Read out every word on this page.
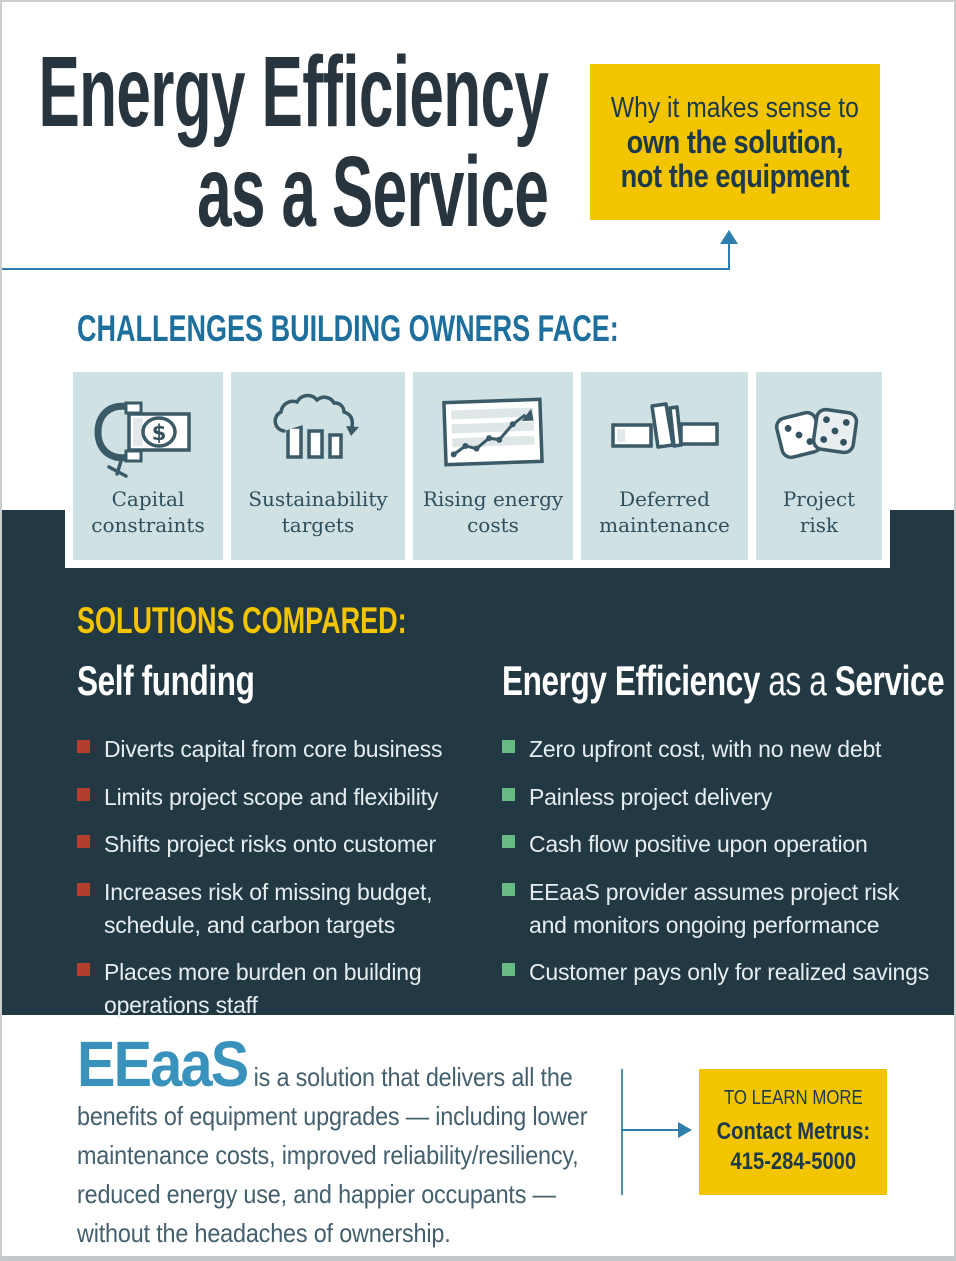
Energy Efficiency
as a Service
Why it makes sense to
own the solution,
not the equipment
CHALLENGES BUILDING OWNERS FACE:
$
Capital constraints
Sustainability targets
Rising energy costs
Deferred maintenance
Project risk
SOLUTIONS COMPARED:
Self funding
Diverts capital from core business
Limits project scope and flexibility
Shifts project risks onto customer
Increases risk of missing budget, schedule, and carbon targets
Places more burden on building operations staff
Energy Efficiency as a Service
Zero upfront cost, with no new debt
Painless project delivery
Cash flow positive upon operation
EEaaS provider assumes project risk and monitors ongoing performance
Customer pays only for realized savings

EEaaS is a solution that delivers all the benefits of equipment upgrades — including lower maintenance costs, improved reliability/resiliency, reduced energy use, and happier occupants — without the headaches of ownership.

TO LEARN MORE
Contact Metrus:
415-284-5000
